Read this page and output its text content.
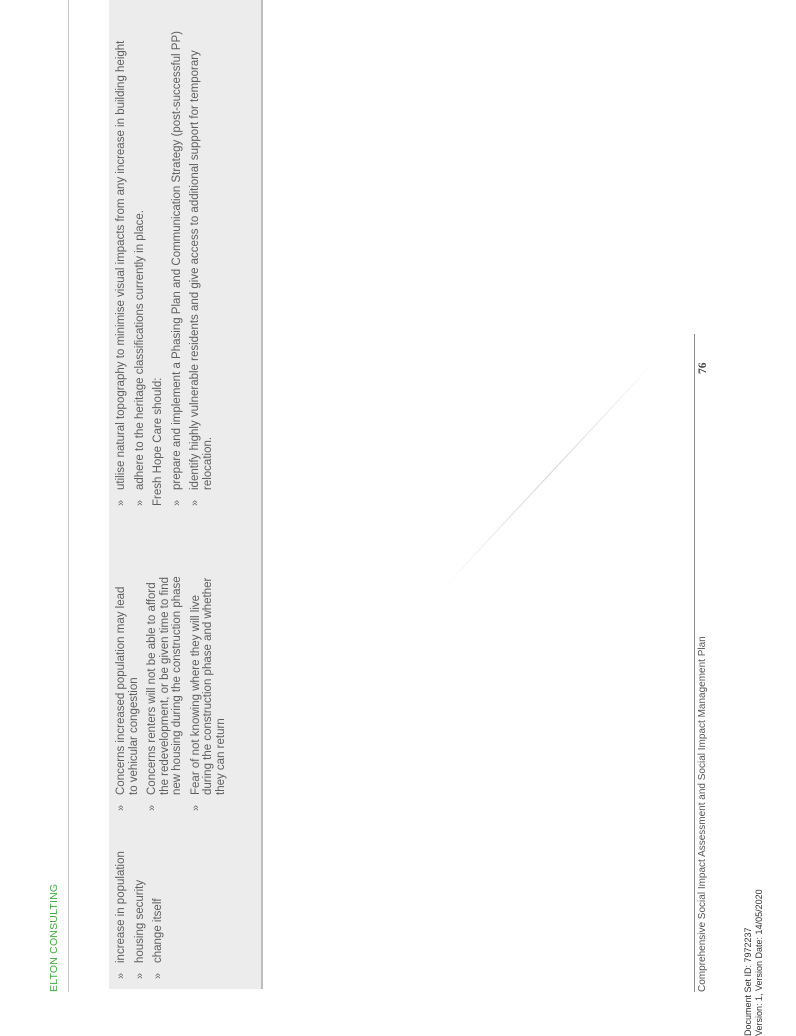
ELTON CONSULTING	»
increase in population
»
housing security
»
change itself
»
Concerns increased population may lead to vehicular congestion
»
Concerns renters will not be able to afford the redevelopment, or be given time to find new housing during the construction phase
»
Fear of not knowing where they will live during the construction phase and whether they can return
»
utilise natural topography to minimise visual impacts from any increase in building height
»
adhere to the heritage classifications currently in place. Fresh Hope Care should: »
prepare and implement a Phasing Plan and Communication Strategy (post-successful PP)
»
identify highly vulnerable residents and give access to additional support for temporary relocation.
Comprehensive Social Impact Assessment and Social Impact Management Plan
76
Document Set ID: 7972237 Version: 1, Version Date: 14/05/2020
